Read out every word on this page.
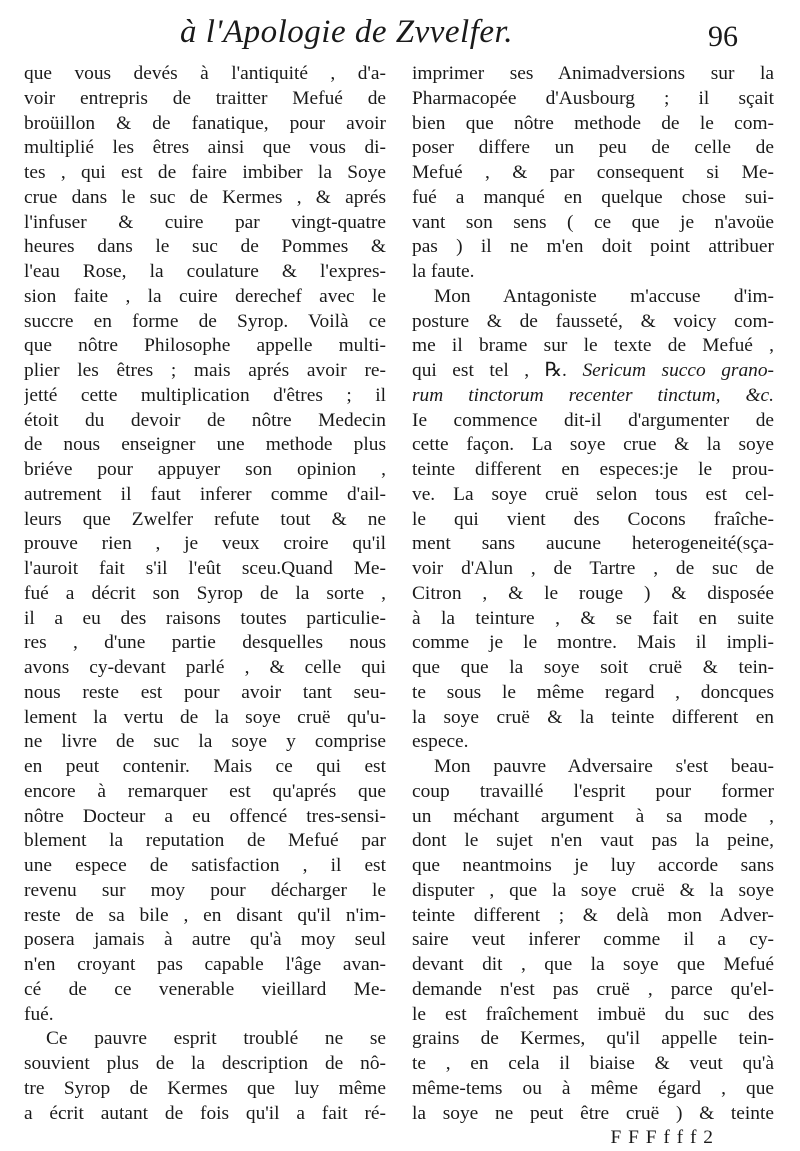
à l'Apologie de Zvvelfer.	96
que vous devés à l'antiquité , d'a-
voir entrepris de traitter Mefué de
broüillon & de fanatique, pour avoir
multiplié les êtres ainsi que vous di-
tes , qui est de faire imbiber la Soye
crue dans le suc de Kermes , & aprés
l'infuser & cuire par vingt-quatre
heures dans le suc de Pommes &
l'eau Rose, la coulature & l'expres-
sion faite , la cuire derechef avec le
succre en forme de Syrop. Voilà ce
que nôtre Philosophe appelle multi-
plier les êtres ; mais aprés avoir re-
jetté cette multiplication d'êtres ; il
étoit du devoir de nôtre Medecin
de nous enseigner une methode plus
briéve pour appuyer son opinion ,
autrement il faut inferer comme d'ail-
leurs que Zwelfer refute tout & ne
prouve rien , je veux croire qu'il
l'auroit fait s'il l'eût sceu.Quand Me-
fué a décrit son Syrop de la sorte ,
il a eu des raisons toutes particulie-
res , d'une partie desquelles nous
avons cy-devant parlé , & celle qui
nous reste est pour avoir tant seu-
lement la vertu de la soye cruë qu'u-
ne livre de suc la soye y comprise
en peut contenir. Mais ce qui est
encore à remarquer est qu'aprés que
nôtre Docteur a eu offencé tres-sensi-
blement la reputation de Mefué par
une espece de satisfaction , il est
revenu sur moy pour décharger le
reste de sa bile , en disant qu'il n'im-
posera jamais à autre qu'à moy seul
n'en croyant pas capable l'âge avan-
cé de ce venerable vieillard Me-
fué.
Ce pauvre esprit troublé ne se
souvient plus de la description de nô-
tre Syrop de Kermes que luy même
a écrit autant de fois qu'il a fait ré-
imprimer ses Animadversions sur la
Pharmacopée d'Ausbourg ; il sçait
bien que nôtre methode de le com-
poser differe un peu de celle de
Mefué , & par consequent si Me-
fué a manqué en quelque chose sui-
vant son sens ( ce que je n'avoüe
pas ) il ne m'en doit point attribuer
la faute.
Mon Antagoniste m'accuse d'im-
posture & de fausseté, & voicy com-
me il brame sur le texte de Mefué ,
qui est tel , ℞. Sericum succo grano-
rum tinctorum recenter tinctum, &c.
Ie commence dit-il d'argumenter de
cette façon. La soye crue & la soye
teinte different en especes:je le prou-
ve. La soye cruë selon tous est cel-
le qui vient des Cocons fraîche-
ment sans aucune heterogeneité(sça-
voir d'Alun , de Tartre , de suc de
Citron , & le rouge ) & disposée
à la teinture , & se fait en suite
comme je le montre. Mais il impli-
que que la soye soit cruë & tein-
te sous le même regard , doncques
la soye cruë & la teinte different en
espece.
Mon pauvre Adversaire s'est beau-
coup travaillé l'esprit pour former
un méchant argument à sa mode ,
dont le sujet n'en vaut pas la peine,
que neantmoins je luy accorde sans
disputer , que la soye cruë & la soye
teinte different ; & delà mon Adver-
saire veut inferer comme il a cy-
devant dit , que la soye que Mefué
demande n'est pas cruë , parce qu'el-
le est fraîchement imbuë du suc des
grains de Kermes, qu'il appelle tein-
te , en cela il biaise & veut qu'à
même-tems ou à même égard , que
la soye ne peut être cruë ) & teinte
F F F f f f 2
